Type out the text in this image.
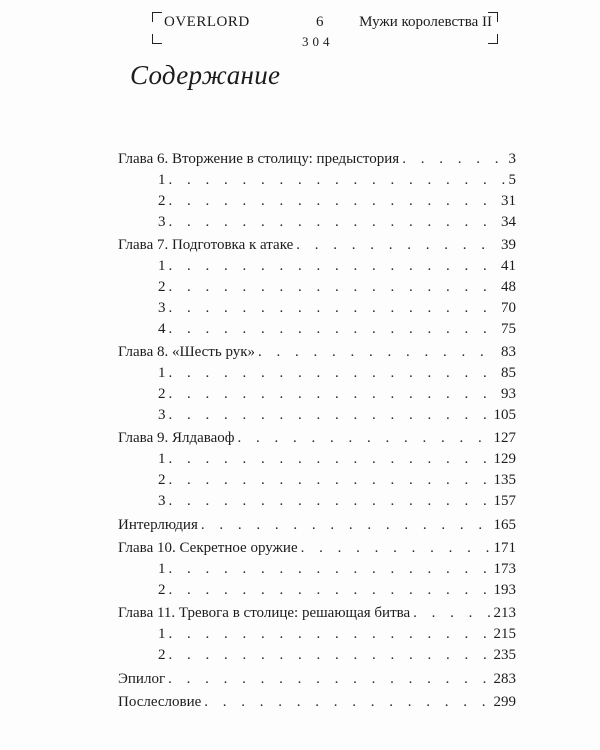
OVERLORD	6 Мужи королевства II
304
Содержание
Глава 6. Вторжение в столицу: предыстория . . .	3
1 . . .	5
2 . . .	31
3 . . .	34
Глава 7. Подготовка к атаке . . .	39
1 . . .	41
2 . . .	48
3 . . .	70
4 . . .	75
Глава 8. «Шесть рук» . . .	83
1 . . .	85
2 . . .	93
3 . . .	105
Глава 9. Ялдаваоф . . .	127
1 . . .	129
2 . . .	135
3 . . .	157
Интерлюдия . . .	165
Глава 10. Секретное оружие . . .	171
1 . . .	173
2 . . .	193
Глава 11. Тревога в столице: решающая битва . . .	213
1 . . .	215
2 . . .	235
Эпилог . . .	283
Послесловие . . .	299
